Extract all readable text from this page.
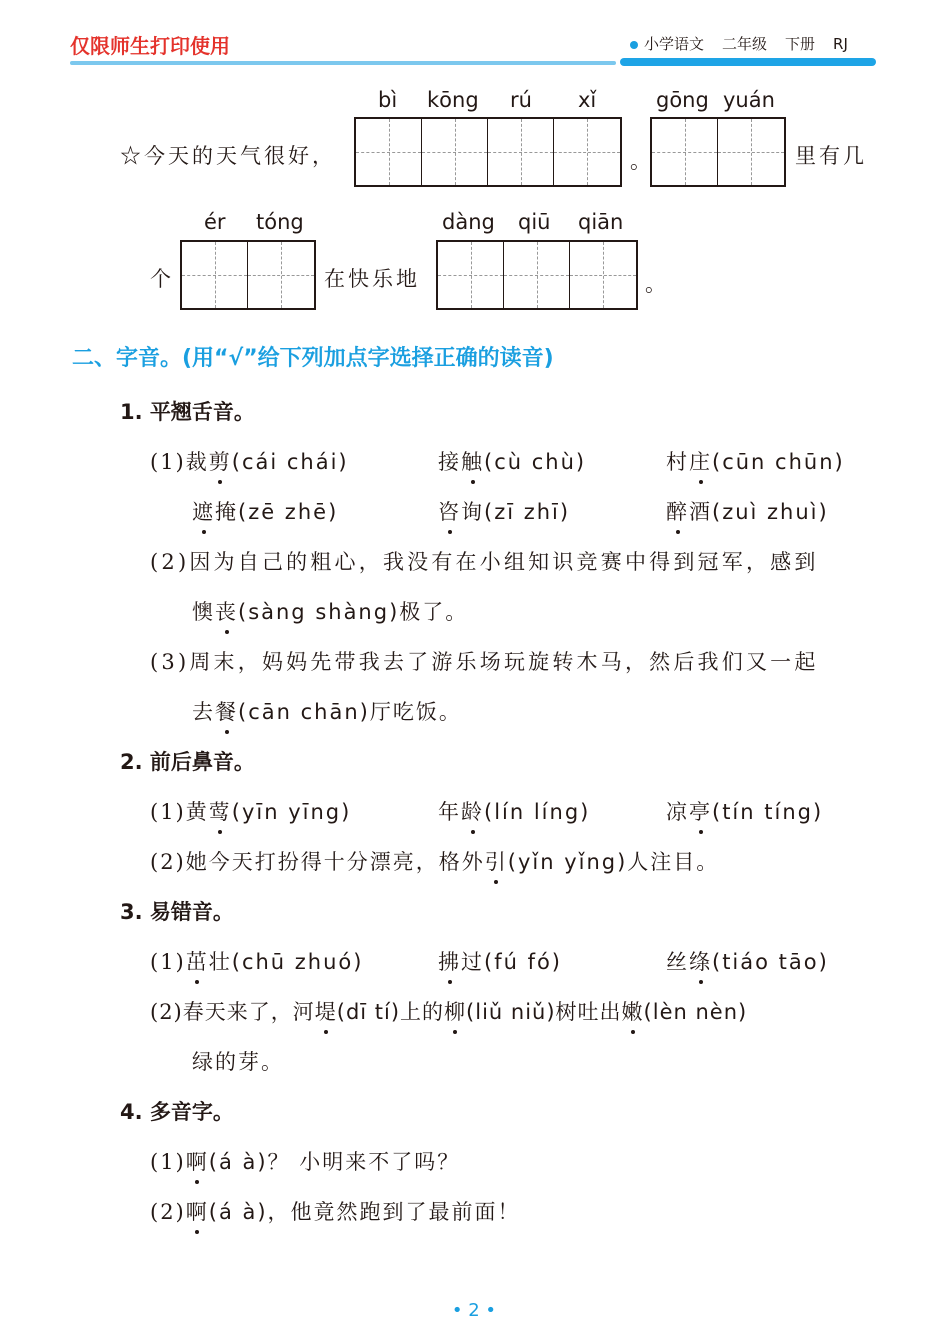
仅限师生打印使用	小学语文 二年级 下册 RJ
bì kōng rú xǐ	gōng yuán
☆今天的天气很好，	。	里有几
ér tóng	dàng qiū qiān
个	在快乐地	。
二、字音。(用“√”给下列加点字选择正确的读音)
1. 平翘舌音。
(1)裁剪(cái chái)	接触(cù chù)	村庄(cūn chūn)
遮掩(zē zhē)	咨询(zī zhī)	醉酒(zuì zhuì)
(2)因为自己的粗心，我没有在小组知识竞赛中得到冠军，感到
懊丧(sàng shàng)极了。
(3)周末，妈妈先带我去了游乐场玩旋转木马，然后我们又一起
去餐(cān chān)厅吃饭。
2. 前后鼻音。
(1)黄莺(yīn yīng)	年龄(lín líng)	凉亭(tín tíng)
(2)她今天打扮得十分漂亮，格外引(yǐn yǐng)人注目。
3. 易错音。
(1)茁壮(chū zhuó)	拂过(fú fó)	丝绦(tiáo tāo)
(2)春天来了，河堤(dī tí)上的柳(liǔ niǔ)树吐出嫩(lèn nèn)
绿的芽。
4. 多音字。
(1)啊(á à)？ 小明来不了吗？
(2)啊(á à)，他竟然跑到了最前面！
• 2 •
